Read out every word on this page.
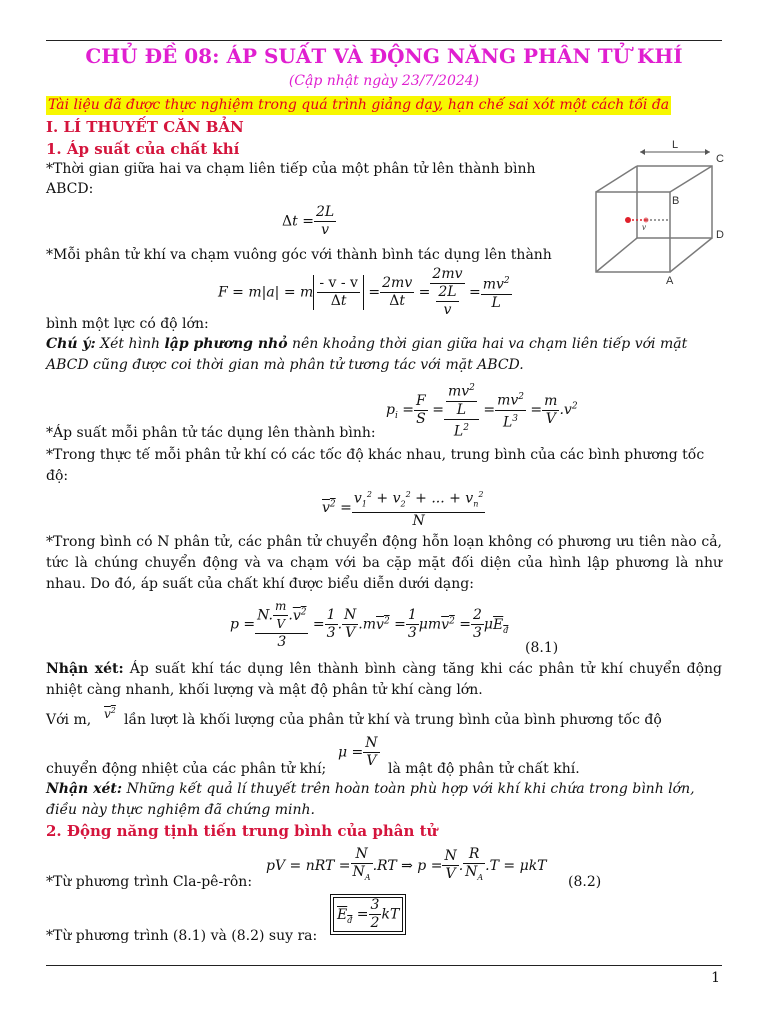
CHỦ ĐỀ 08: ÁP SUẤT VÀ ĐỘNG NĂNG PHÂN TỬ KHÍ
(Cập nhật ngày 23/7/2024)
Tài liệu đã được thực nghiệm trong quá trình giảng dạy, hạn chế sai xót một cách tối đa
I. LÍ THUYẾT CĂN BẢN
1. Áp suất của chất khí
*Thời gian giữa hai va chạm liên tiếp của một phân tử lên thành bình ABCD:
$\Delta t = \frac{2L}{v}$
L
C
B
D
A
v
*Mỗi phân tử khí va chạm vuông góc với thành bình tác dụng lên thành
F = m|a| = m $\frac{- v - v}{\Delta t} = \frac{2mv}{\Delta t} = \frac{2mv}{\frac{2L}{v}} = \frac{mv^2}{L}$
bình một lực có độ lớn:
Chú ý: Xét hình lập phương nhỏ nên khoảng thời gian giữa hai va chạm liên tiếp với mặt ABCD cũng được coi thời gian mà phân tử tương tác với mặt ABCD.
$p_i = \frac{F}{S} = \frac{\frac{mv^2}{L}}{L^2} = \frac{mv^2}{L^3} = \frac{m}{V} .v^2$
*Áp suất mỗi phân tử tác dụng lên thành bình:
*Trong thực tế mỗi phân tử khí có các tốc độ khác nhau, trung bình của các bình phương tốc độ:
$v^2 = \frac{v_1^2 + v_2^2 + ... + v_n^2}{N}$
*Trong bình có N phân tử, các phân tử chuyển động hỗn loạn không có phương ưu tiên nào cả, tức là chúng chuyển động và va chạm với ba cặp mặt đối diện của hình lập phương là như nhau. Do đó, áp suất của chất khí được biểu diễn dưới dạng:
$p = \frac{N. \frac{m}{V} .v^2}{3} = \frac{1}{3}$ . $\frac{N}{V} .mv^2 = \frac{1}{3} \mu mv^2 = \frac{2}{3} \mu E_đ$
(8.1)
Nhận xét: Áp suất khí tác dụng lên thành bình càng tăng khi các phân tử khí chuyển động nhiệt càng nhanh, khối lượng và mật độ phân tử khí càng lớn.
Với m, $v^2$
lần lượt là khối lượng của phân tử khí và trung bình của bình phương tốc độ
$\mu = \frac{N}{V}$
chuyển động nhiệt của các phân tử khí;	là mật độ phân tử chất khí.
Nhận xét: Những kết quả lí thuyết trên hoàn toàn phù hợp với khí khi chứa trong bình lớn, điều này thực nghiệm đã chứng minh.
2. Động năng tịnh tiến trung bình của phân tử
pV = nRT = $\frac{N}{N_A} .RT$ ⇒ $p = \frac{N}{V}$ . $\frac{R}{N_A} .T = \mu kT$
*Từ phương trình Cla-pê-rôn:	(8.2)
$E_đ = \frac{3}{2}$ kT
*Từ phương trình (8.1) và (8.2) suy ra:
1
